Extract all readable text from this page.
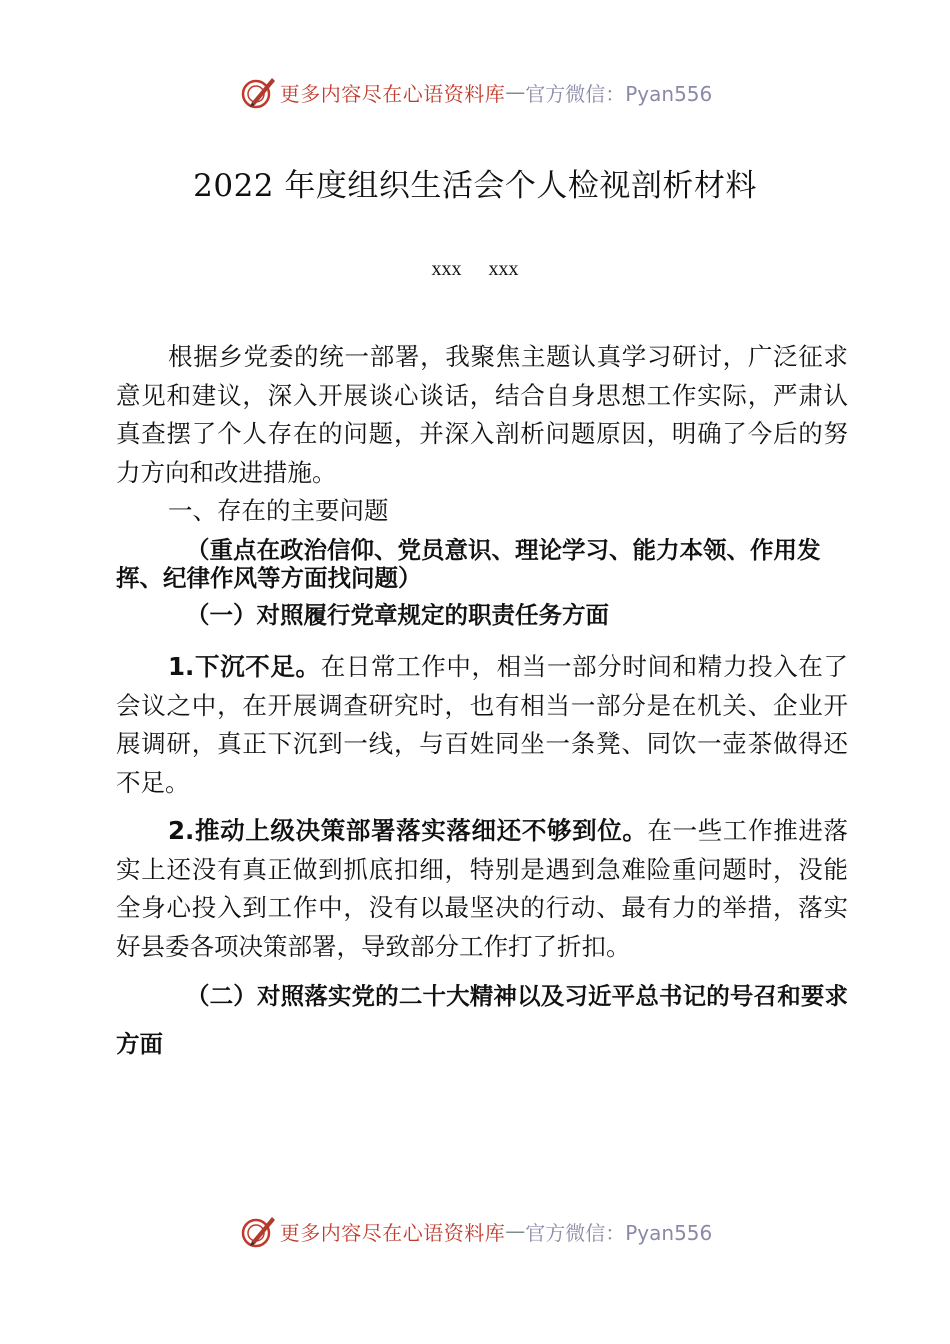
更多内容尽在心语资料库 — 官方微信：Pyan556
2022 年度组织生活会个人检视剖析材料
xxx xxx

根据乡党委的统一部署，我聚焦主题认真学习研讨，广泛征求意见和建议，深入开展谈心谈话，结合自身思想工作实际，严肃认真查摆了个人存在的问题，并深入剖析问题原因，明确了今后的努力方向和改进措施。

一、存在的主要问题

（重点在政治信仰、党员意识、理论学习、能力本领、作用发挥、纪律作风等方面找问题）

（一）对照履行党章规定的职责任务方面

1.下沉不足。在日常工作中，相当一部分时间和精力投入在了会议之中，在开展调查研究时，也有相当一部分是在机关、企业开展调研，真正下沉到一线，与百姓同坐一条凳、同饮一壶茶做得还不足。

2.推动上级决策部署落实落细还不够到位。在一些工作推进落实上还没有真正做到抓底扣细，特别是遇到急难险重问题时，没能全身心投入到工作中，没有以最坚决的行动、最有力的举措，落实好县委各项决策部署，导致部分工作打了折扣。

（二）对照落实党的二十大精神以及习近平总书记的号召和要求方面

更多内容尽在心语资料库 — 官方微信：Pyan556
